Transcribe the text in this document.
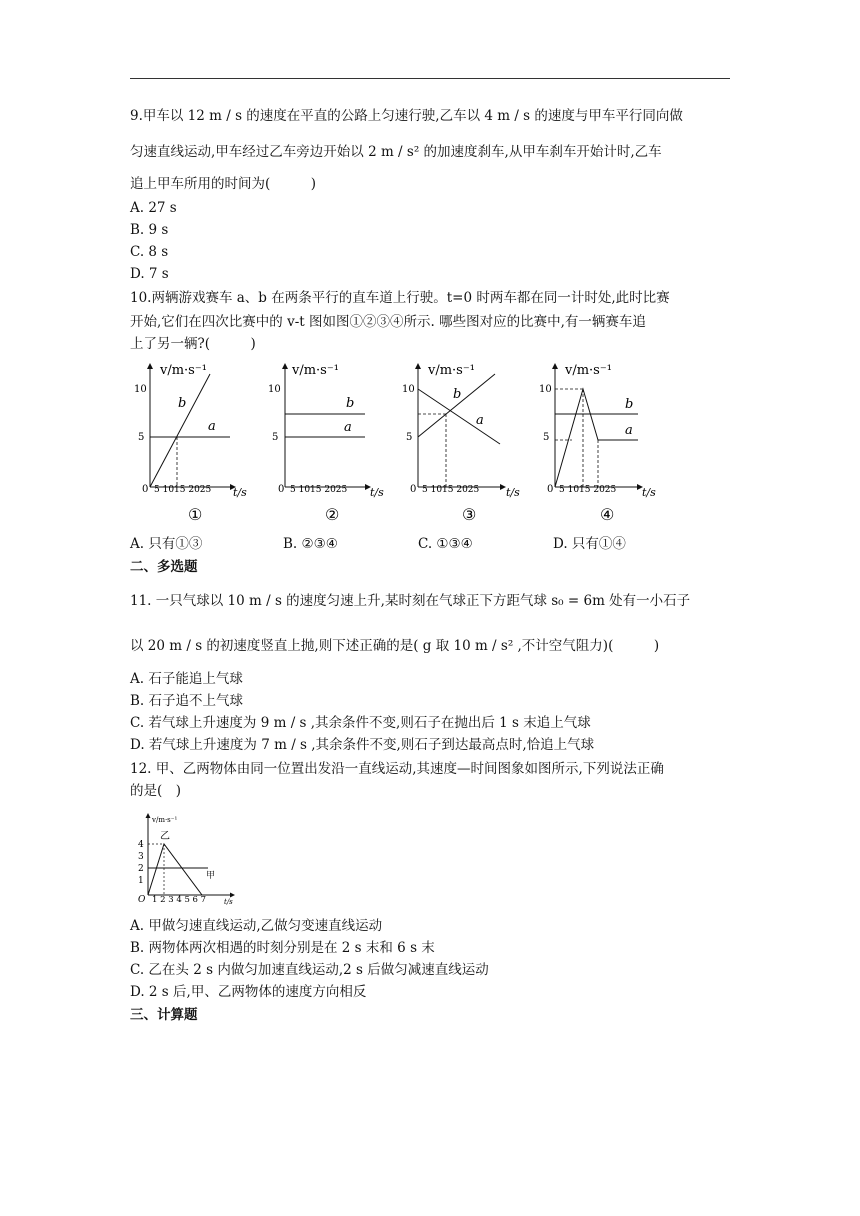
9.甲车以 12 m / s 的速度在平直的公路上匀速行驶,乙车以 4 m / s 的速度与甲车平行同向做
匀速直线运动,甲车经过乙车旁边开始以 2 m / s² 的加速度刹车,从甲车刹车开始计时,乙车
追上甲车所用的时间为(　　　)
A. 27 s
B. 9 s
C. 8 s
D. 7 s
10.两辆游戏赛车 a、b 在两条平行的直车道上行驶。t=0 时两车都在同一计时处,此时比赛
开始,它们在四次比赛中的 v-t 图如图①②③④所示. 哪些图对应的比赛中,有一辆赛车追
上了另一辆?(　　　)
v/m·s⁻¹
t/s
0 5 1015 2025
10
5
b
a
①
v/m·s⁻¹
t/s
0 5 1015 2025
10
5
b
a
②
v/m·s⁻¹
t/s
0 5 1015 2025
10
5
b
a
③
v/m·s⁻¹
t/s
0 5 1015 2025
10
5
b
a
④
A. 只有①③	B. ②③④	C. ①③④	D. 只有①④
二、多选题
11. 一只气球以 10 m / s 的速度匀速上升,某时刻在气球正下方距气球 s₀ = 6m 处有一小石子
以 20 m / s 的初速度竖直上抛,则下述正确的是( g 取 10 m / s² ,不计空气阻力)(　　　)
A. 石子能追上气球
B. 石子追不上气球
C. 若气球上升速度为 9 m / s ,其余条件不变,则石子在抛出后 1 s 末追上气球
D. 若气球上升速度为 7 m / s ,其余条件不变,则石子到达最高点时,恰追上气球
12. 甲、乙两物体由同一位置出发沿一直线运动,其速度—时间图象如图所示,下列说法正确
的是(　)
v/m·s⁻¹
t/s
O 1 2 3 4 5 6 7
4
3
2
1
乙
甲
A. 甲做匀速直线运动,乙做匀变速直线运动
B. 两物体两次相遇的时刻分别是在 2 s 末和 6 s 末
C. 乙在头 2 s 内做匀加速直线运动,2 s 后做匀减速直线运动
D. 2 s 后,甲、乙两物体的速度方向相反
三、计算题
